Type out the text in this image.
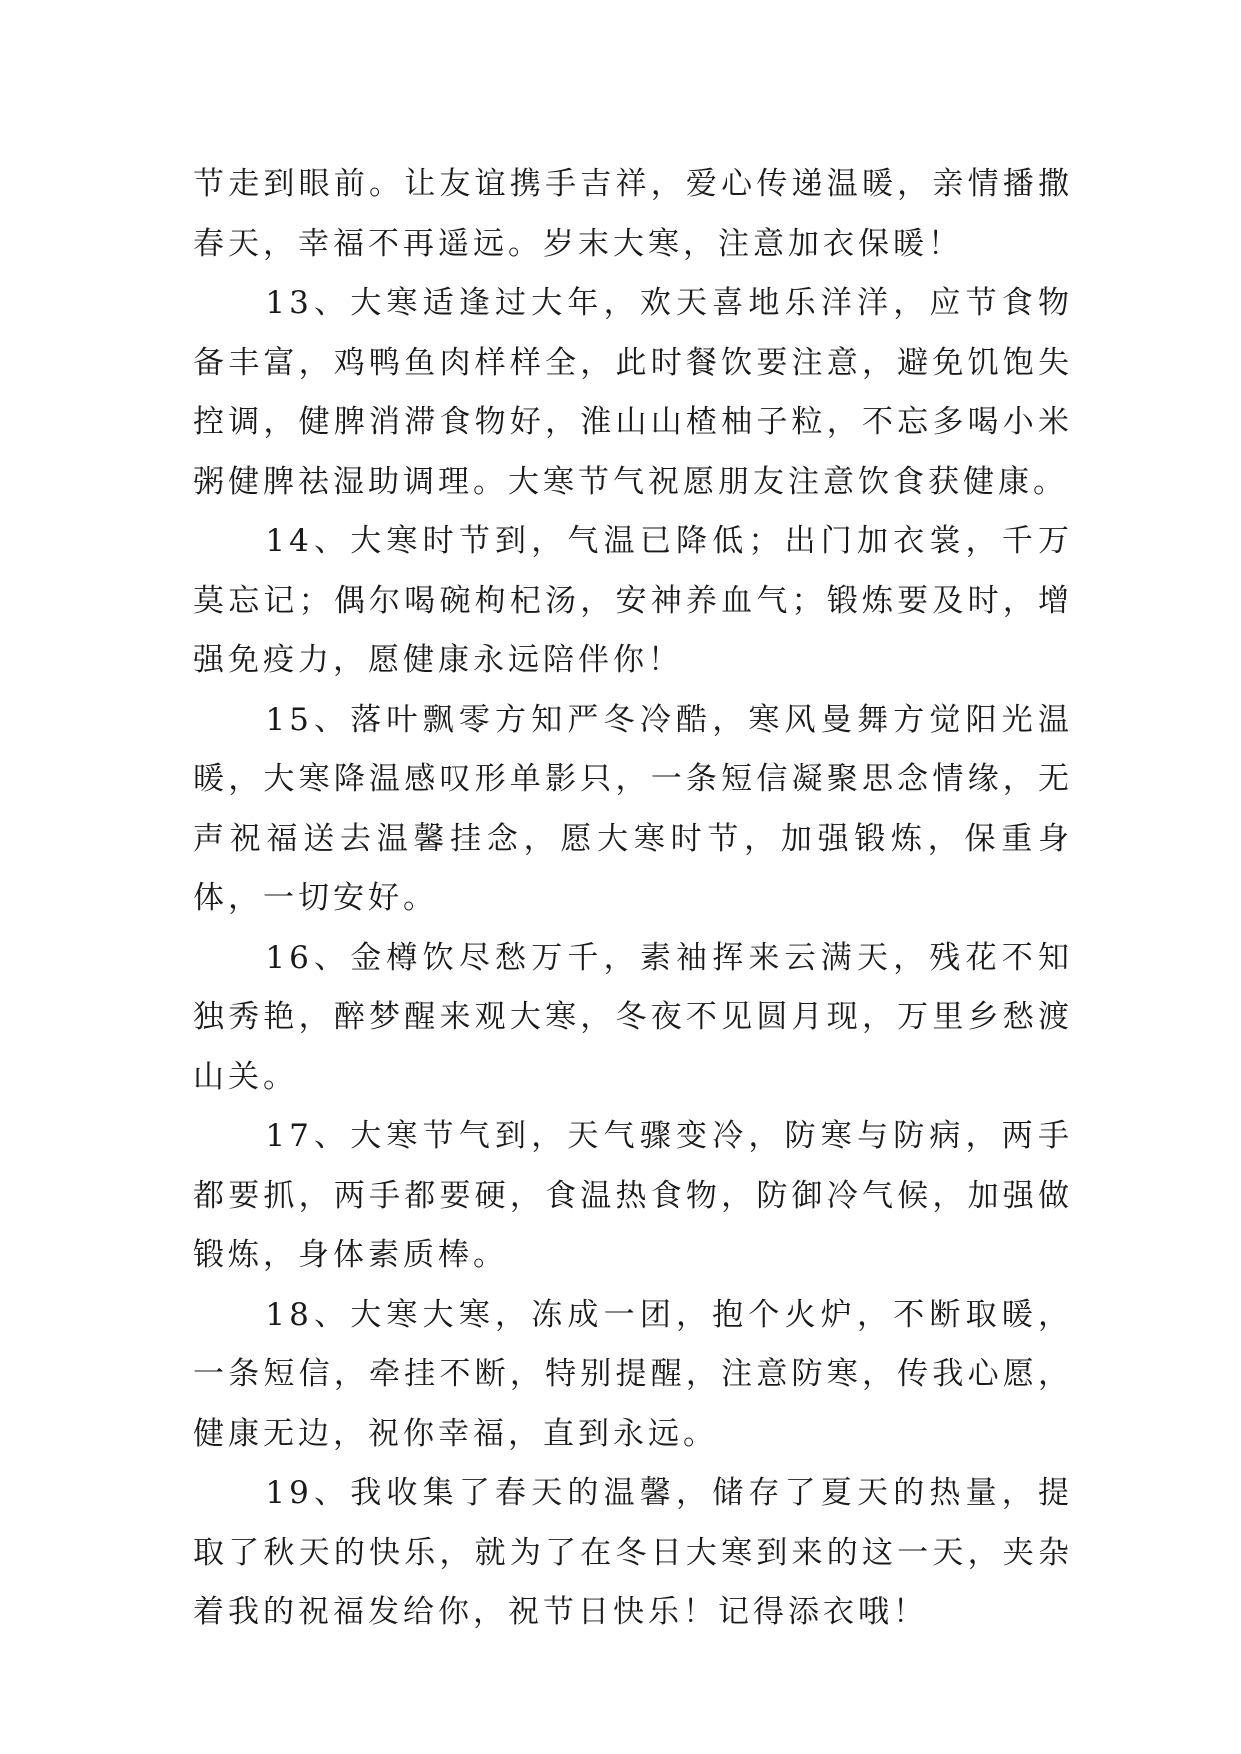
节走到眼前。让友谊携手吉祥，爱心传递温暖，亲情播撒春天，幸福不再遥远。岁末大寒，注意加衣保暖！

　　13、大寒适逢过大年，欢天喜地乐洋洋，应节食物备丰富，鸡鸭鱼肉样样全，此时餐饮要注意，避免饥饱失控调，健脾消滞食物好，淮山山楂柚子粒，不忘多喝小米粥健脾祛湿助调理。大寒节气祝愿朋友注意饮食获健康。

　　14、大寒时节到，气温已降低；出门加衣裳，千万莫忘记；偶尔喝碗枸杞汤，安神养血气；锻炼要及时，增强免疫力，愿健康永远陪伴你！

　　15、落叶飘零方知严冬冷酷，寒风曼舞方觉阳光温暖，大寒降温感叹形单影只，一条短信凝聚思念情缘，无声祝福送去温馨挂念，愿大寒时节，加强锻炼，保重身体，一切安好。

　　16、金樽饮尽愁万千，素袖挥来云满天，残花不知独秀艳，醉梦醒来观大寒，冬夜不见圆月现，万里乡愁渡山关。

　　17、大寒节气到，天气骤变冷，防寒与防病，两手都要抓，两手都要硬，食温热食物，防御冷气候，加强做锻炼，身体素质棒。

　　18、大寒大寒，冻成一团，抱个火炉，不断取暖，一条短信，牵挂不断，特别提醒，注意防寒，传我心愿，健康无边，祝你幸福，直到永远。

　　19、我收集了春天的温馨，储存了夏天的热量，提取了秋天的快乐，就为了在冬日大寒到来的这一天，夹杂着我的祝福发给你，祝节日快乐！记得添衣哦！
